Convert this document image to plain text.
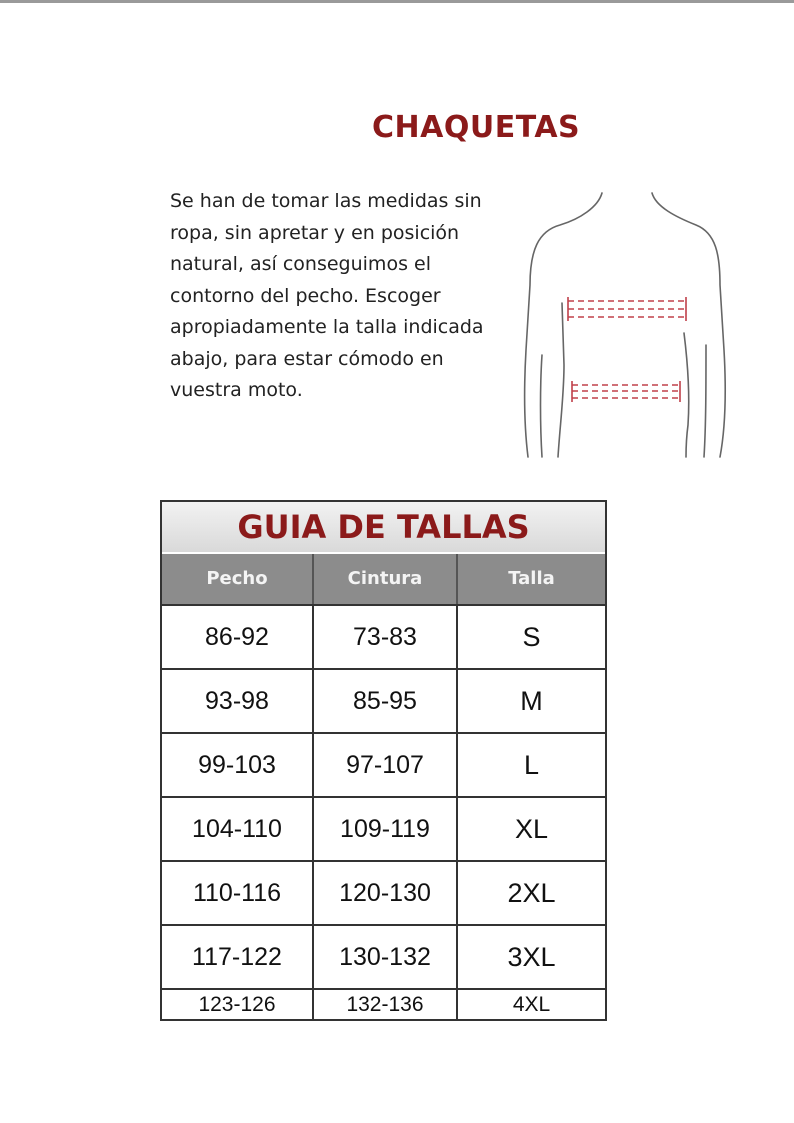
CHAQUETAS

Se han de tomar las medidas sin ropa, sin apretar y en posición natural, así conseguimos el contorno del pecho. Escoger apropiadamente la talla indicada abajo, para estar cómodo en vuestra moto.

GUIA DE TALLAS
Pecho	Cintura	Talla
86-92	73-83	S
93-98	85-95	M
99-103	97-107	L
104-110	109-119	XL
110-116	120-130	2XL
117-122	130-132	3XL
123-126	132-136	4XL
